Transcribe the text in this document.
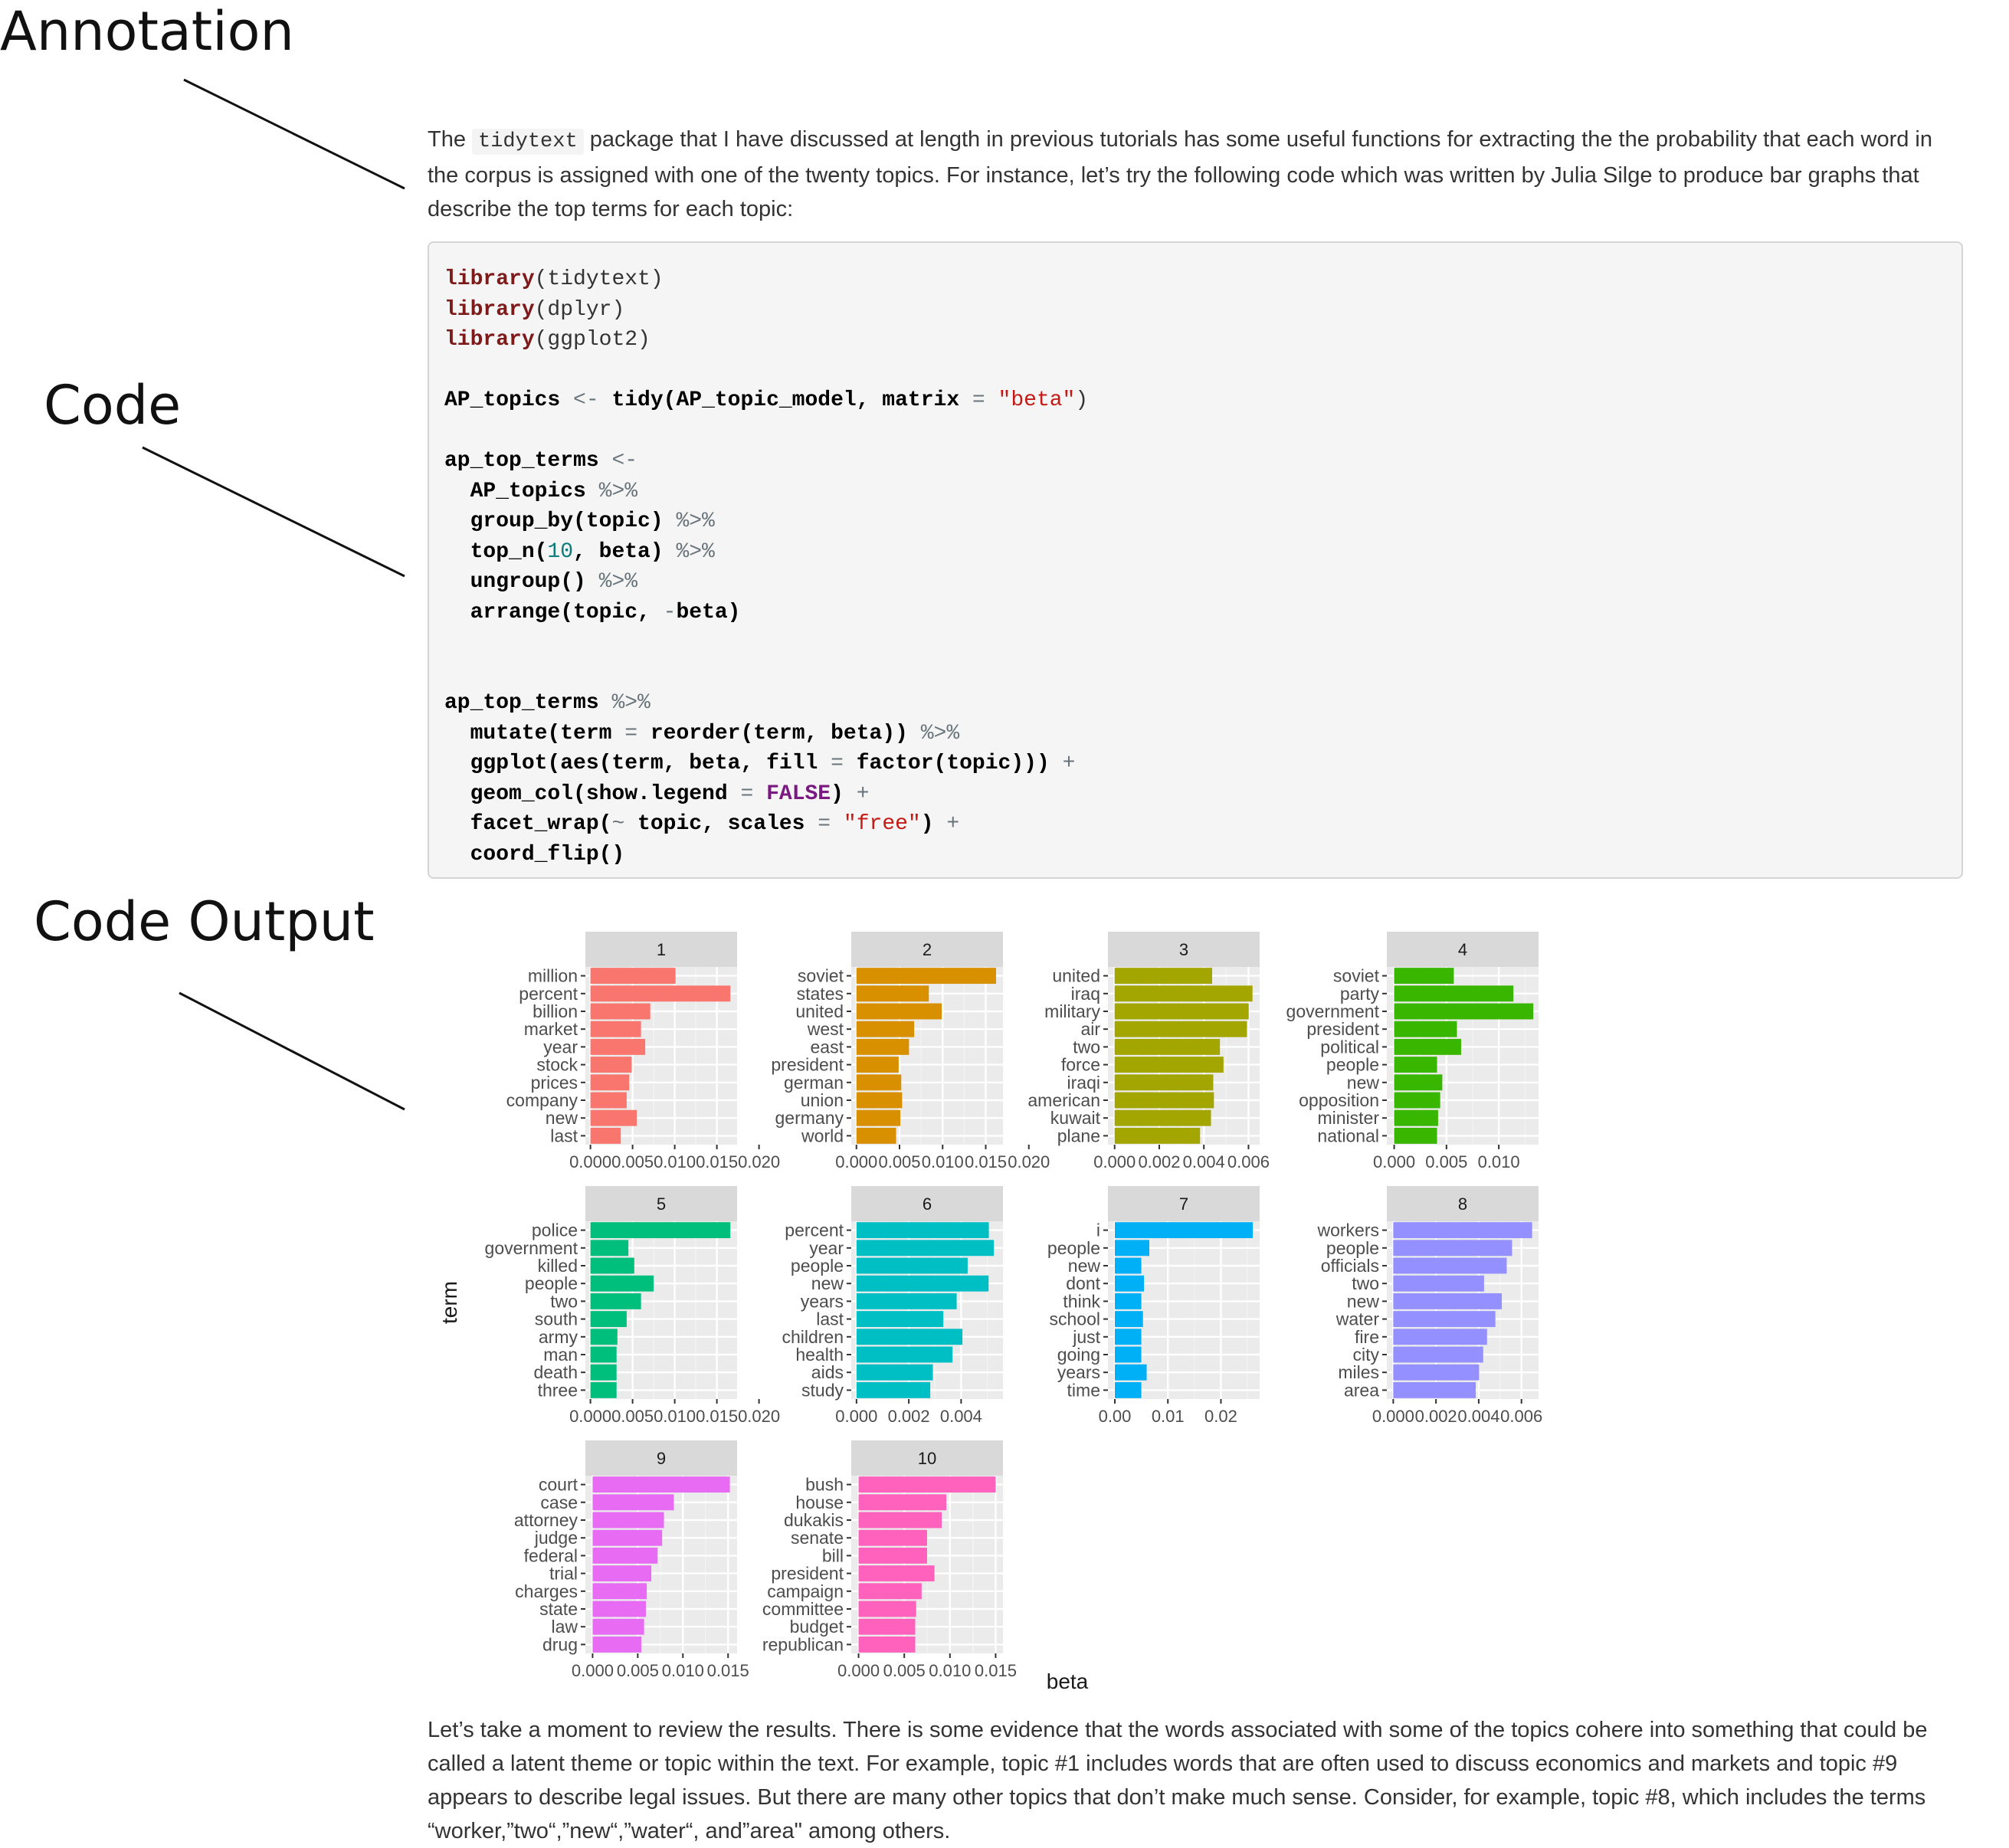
Annotation
Code
Code Output

The tidytext package that I have discussed at length in previous tutorials has some useful functions for extracting the the probability that each word in the corpus is assigned with one of the twenty topics. For instance, let’s try the following code which was written by Julia Silge to produce bar graphs that describe the top terms for each topic:

library(tidytext)
library(dplyr)
library(ggplot2)

AP_topics <- tidy(AP_topic_model, matrix = "beta")

ap_top_terms <-
AP_topics %>%
group_by(topic) %>%
top_n(10, beta) %>%
ungroup() %>%
arrange(topic, -beta)

ap_top_terms %>%
mutate(term = reorder(term, beta)) %>%
ggplot(aes(term, beta, fill = factor(topic))) +
geom_col(show.legend = FALSE) +
facet_wrap(~ topic, scales = "free") +
coord_flip()
1
0.000 0.005 0.010 0.015 0.020
million
percent
billion
market
year
stock
prices
company
new
last
2
0.000 0.005 0.010 0.015 0.020
soviet
states
united
west
east
president
german
union
germany
world
3
0.000 0.002 0.004 0.006
united
iraq
military
air
two
force
iraqi
american
kuwait
plane
4
0.000 0.005 0.010
soviet
party
government
president
political
people
new
opposition
minister
national
5
0.000 0.005 0.010 0.015 0.020
police
government
killed
people
two
south
army
man
death
three
6
0.000 0.002 0.004
percent
year
people
new
years
last
children
health
aids
study
7
0.00 0.01 0.02
i
people
new
dont
think
school
just
going
years
time
8
0.000 0.002 0.004 0.006
workers
people
officials
two
new
water
fire
city
miles
area
9
0.000 0.005 0.010 0.015
court
case
attorney
judge
federal
trial
charges
state
law
drug
10
0.000 0.005 0.010 0.015
bush
house
dukakis
senate
bill
president
campaign
committee
budget
republican
beta
term

Let’s take a moment to review the results. There is some evidence that the words associated with some of the topics cohere into something that could be called a latent theme or topic within the text. For example, topic #1 includes words that are often used to discuss economics and markets and topic #9 appears to describe legal issues. But there are many other topics that don’t make much sense. Consider, for example, topic #8, which includes the terms “worker,”two“,”new“,”water“, and”area" among others.
